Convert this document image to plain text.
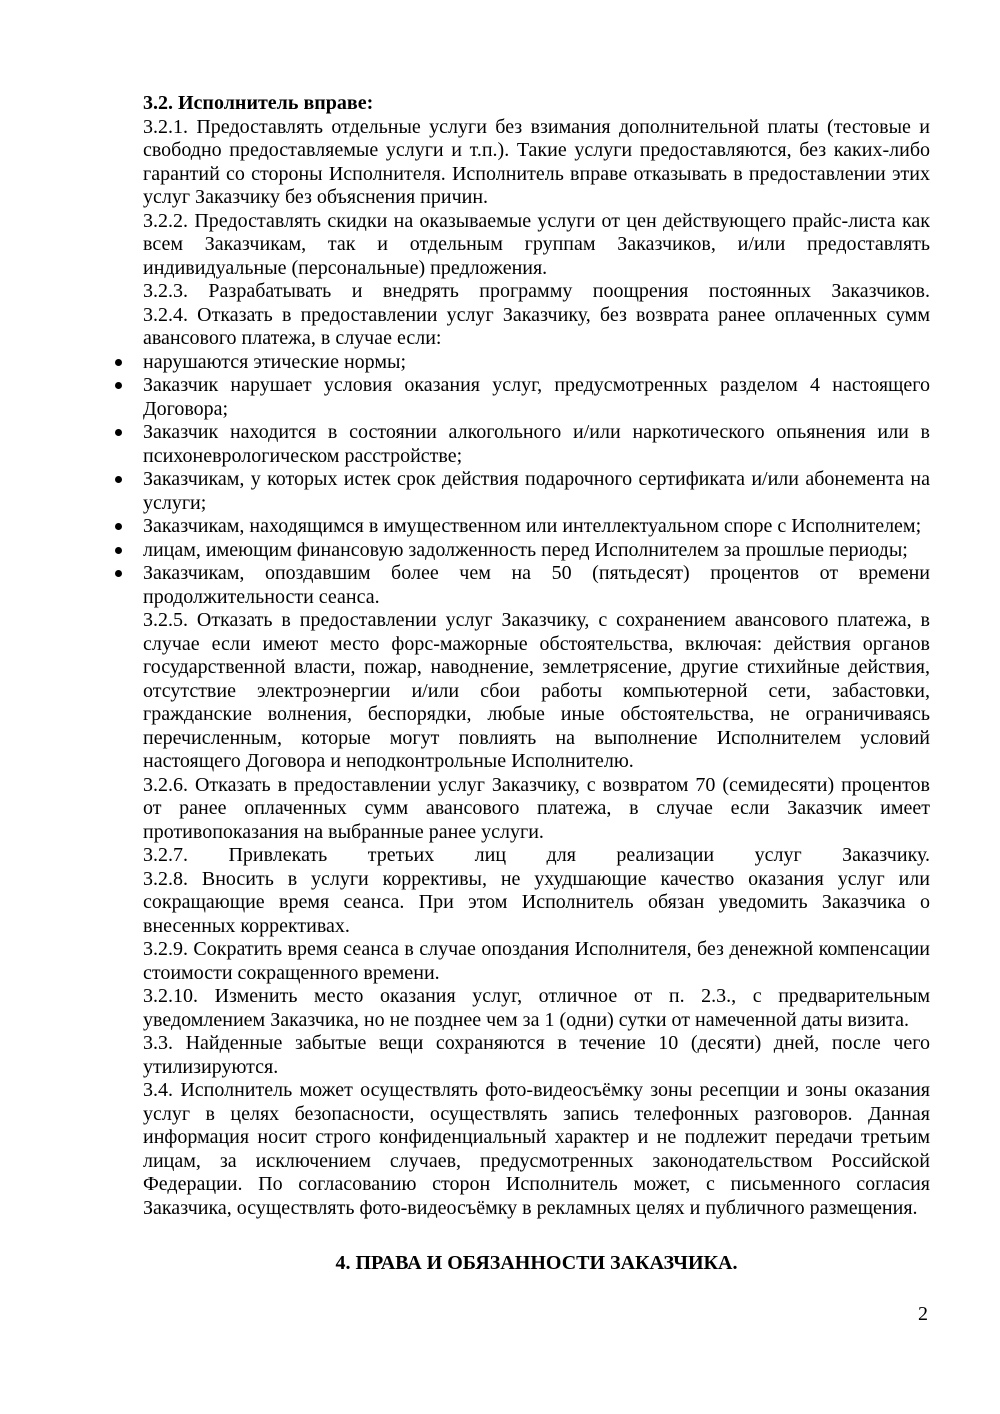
3.2. Исполнитель вправе:

3.2.1. Предоставлять отдельные услуги без взимания дополнительной платы (тестовые и свободно предоставляемые услуги и т.п.). Такие услуги предоставляются, без каких-либо гарантий со стороны Исполнителя. Исполнитель вправе отказывать в предоставлении этих услуг Заказчику без объяснения причин.

3.2.2. Предоставлять скидки на оказываемые услуги от цен действующего прайс-листа как всем Заказчикам, так и отдельным группам Заказчиков, и/или предоставлять индивидуальные (персональные) предложения.

3.2.3. Разрабатывать и внедрять программу поощрения постоянных Заказчиков.

3.2.4. Отказать в предоставлении услуг Заказчику, без возврата ранее оплаченных сумм авансового платежа, в случае если:

нарушаются этические нормы;
Заказчик нарушает условия оказания услуг, предусмотренных разделом 4 настоящего Договора;
Заказчик находится в состоянии алкогольного и/или наркотического опьянения или в психоневрологическом расстройстве;
Заказчикам, у которых истек срок действия подарочного сертификата и/или абонемента на услуги;
Заказчикам, находящимся в имущественном или интеллектуальном споре с Исполнителем;
лицам, имеющим финансовую задолженность перед Исполнителем за прошлые периоды;
Заказчикам, опоздавшим более чем на 50 (пятьдесят) процентов от времени продолжительности сеанса.

3.2.5. Отказать в предоставлении услуг Заказчику, с сохранением авансового платежа, в случае если имеют место форс-мажорные обстоятельства, включая: действия органов государственной власти, пожар, наводнение, землетрясение, другие стихийные действия, отсутствие электроэнергии и/или сбои работы компьютерной сети, забастовки, гражданские волнения, беспорядки, любые иные обстоятельства, не ограничиваясь перечисленным, которые могут повлиять на выполнение Исполнителем условий настоящего Договора и неподконтрольные Исполнителю.

3.2.6. Отказать в предоставлении услуг Заказчику, с возвратом 70 (семидесяти) процентов от ранее оплаченных сумм авансового платежа, в случае если Заказчик имеет противопоказания на выбранные ранее услуги.

3.2.7. Привлекать третьих лиц для реализации услуг Заказчику.

3.2.8. Вносить в услуги коррективы, не ухудшающие качество оказания услуг или сокращающие время сеанса. При этом Исполнитель обязан уведомить Заказчика о внесенных коррективах.

3.2.9. Сократить время сеанса в случае опоздания Исполнителя, без денежной компенсации стоимости сокращенного времени.

3.2.10. Изменить место оказания услуг, отличное от п. 2.3., с предварительным уведомлением Заказчика, но не позднее чем за 1 (одни) сутки от намеченной даты визита.

3.3. Найденные забытые вещи сохраняются в течение 10 (десяти) дней, после чего утилизируются.

3.4. Исполнитель может осуществлять фото-видеосъёмку зоны ресепции и зоны оказания услуг в целях безопасности, осуществлять запись телефонных разговоров. Данная информация носит строго конфиденциальный характер и не подлежит передачи третьим лицам, за исключением случаев, предусмотренных законодательством Российской Федерации. По согласованию сторон Исполнитель может, с письменного согласия Заказчика, осуществлять фото-видеосъёмку в рекламных целях и публичного размещения.

4. ПРАВА И ОБЯЗАННОСТИ ЗАКАЗЧИКА.
2
